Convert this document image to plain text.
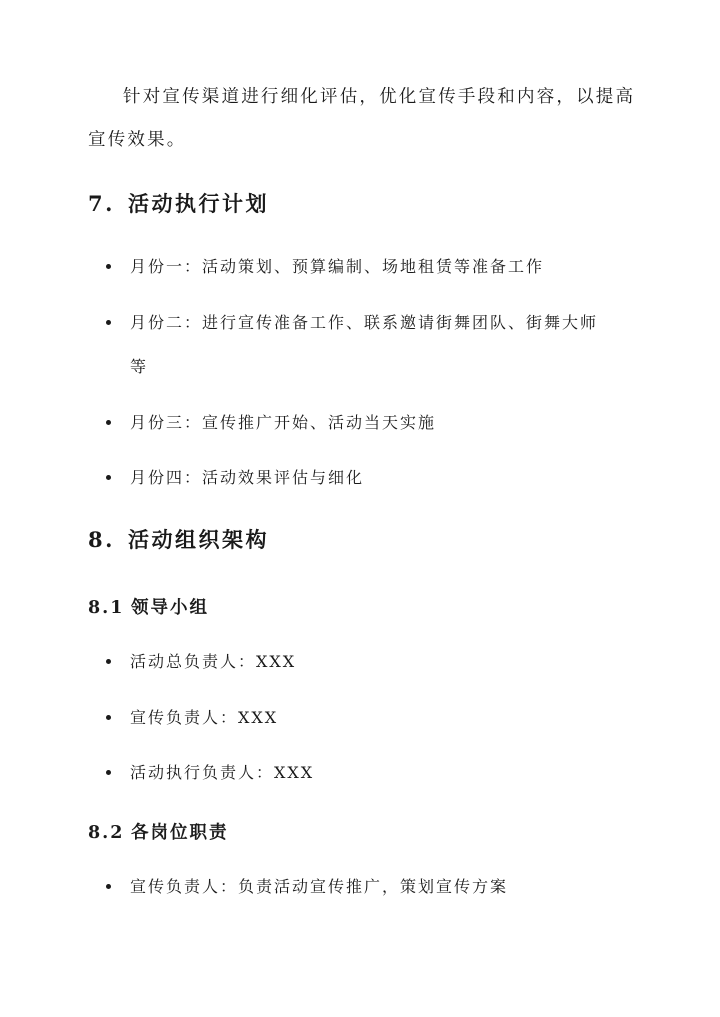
针对宣传渠道进行细化评估，优化宣传手段和内容，以提高宣传效果。

7. 活动执行计划
月份一：活动策划、预算编制、场地租赁等准备工作
月份二：进行宣传准备工作、联系邀请街舞团队、街舞大师等
月份三：宣传推广开始、活动当天实施
月份四：活动效果评估与细化
8. 活动组织架构
8.1 领导小组
活动总负责人：XXX
宣传负责人：XXX
活动执行负责人：XXX
8.2 各岗位职责
宣传负责人：负责活动宣传推广，策划宣传方案
